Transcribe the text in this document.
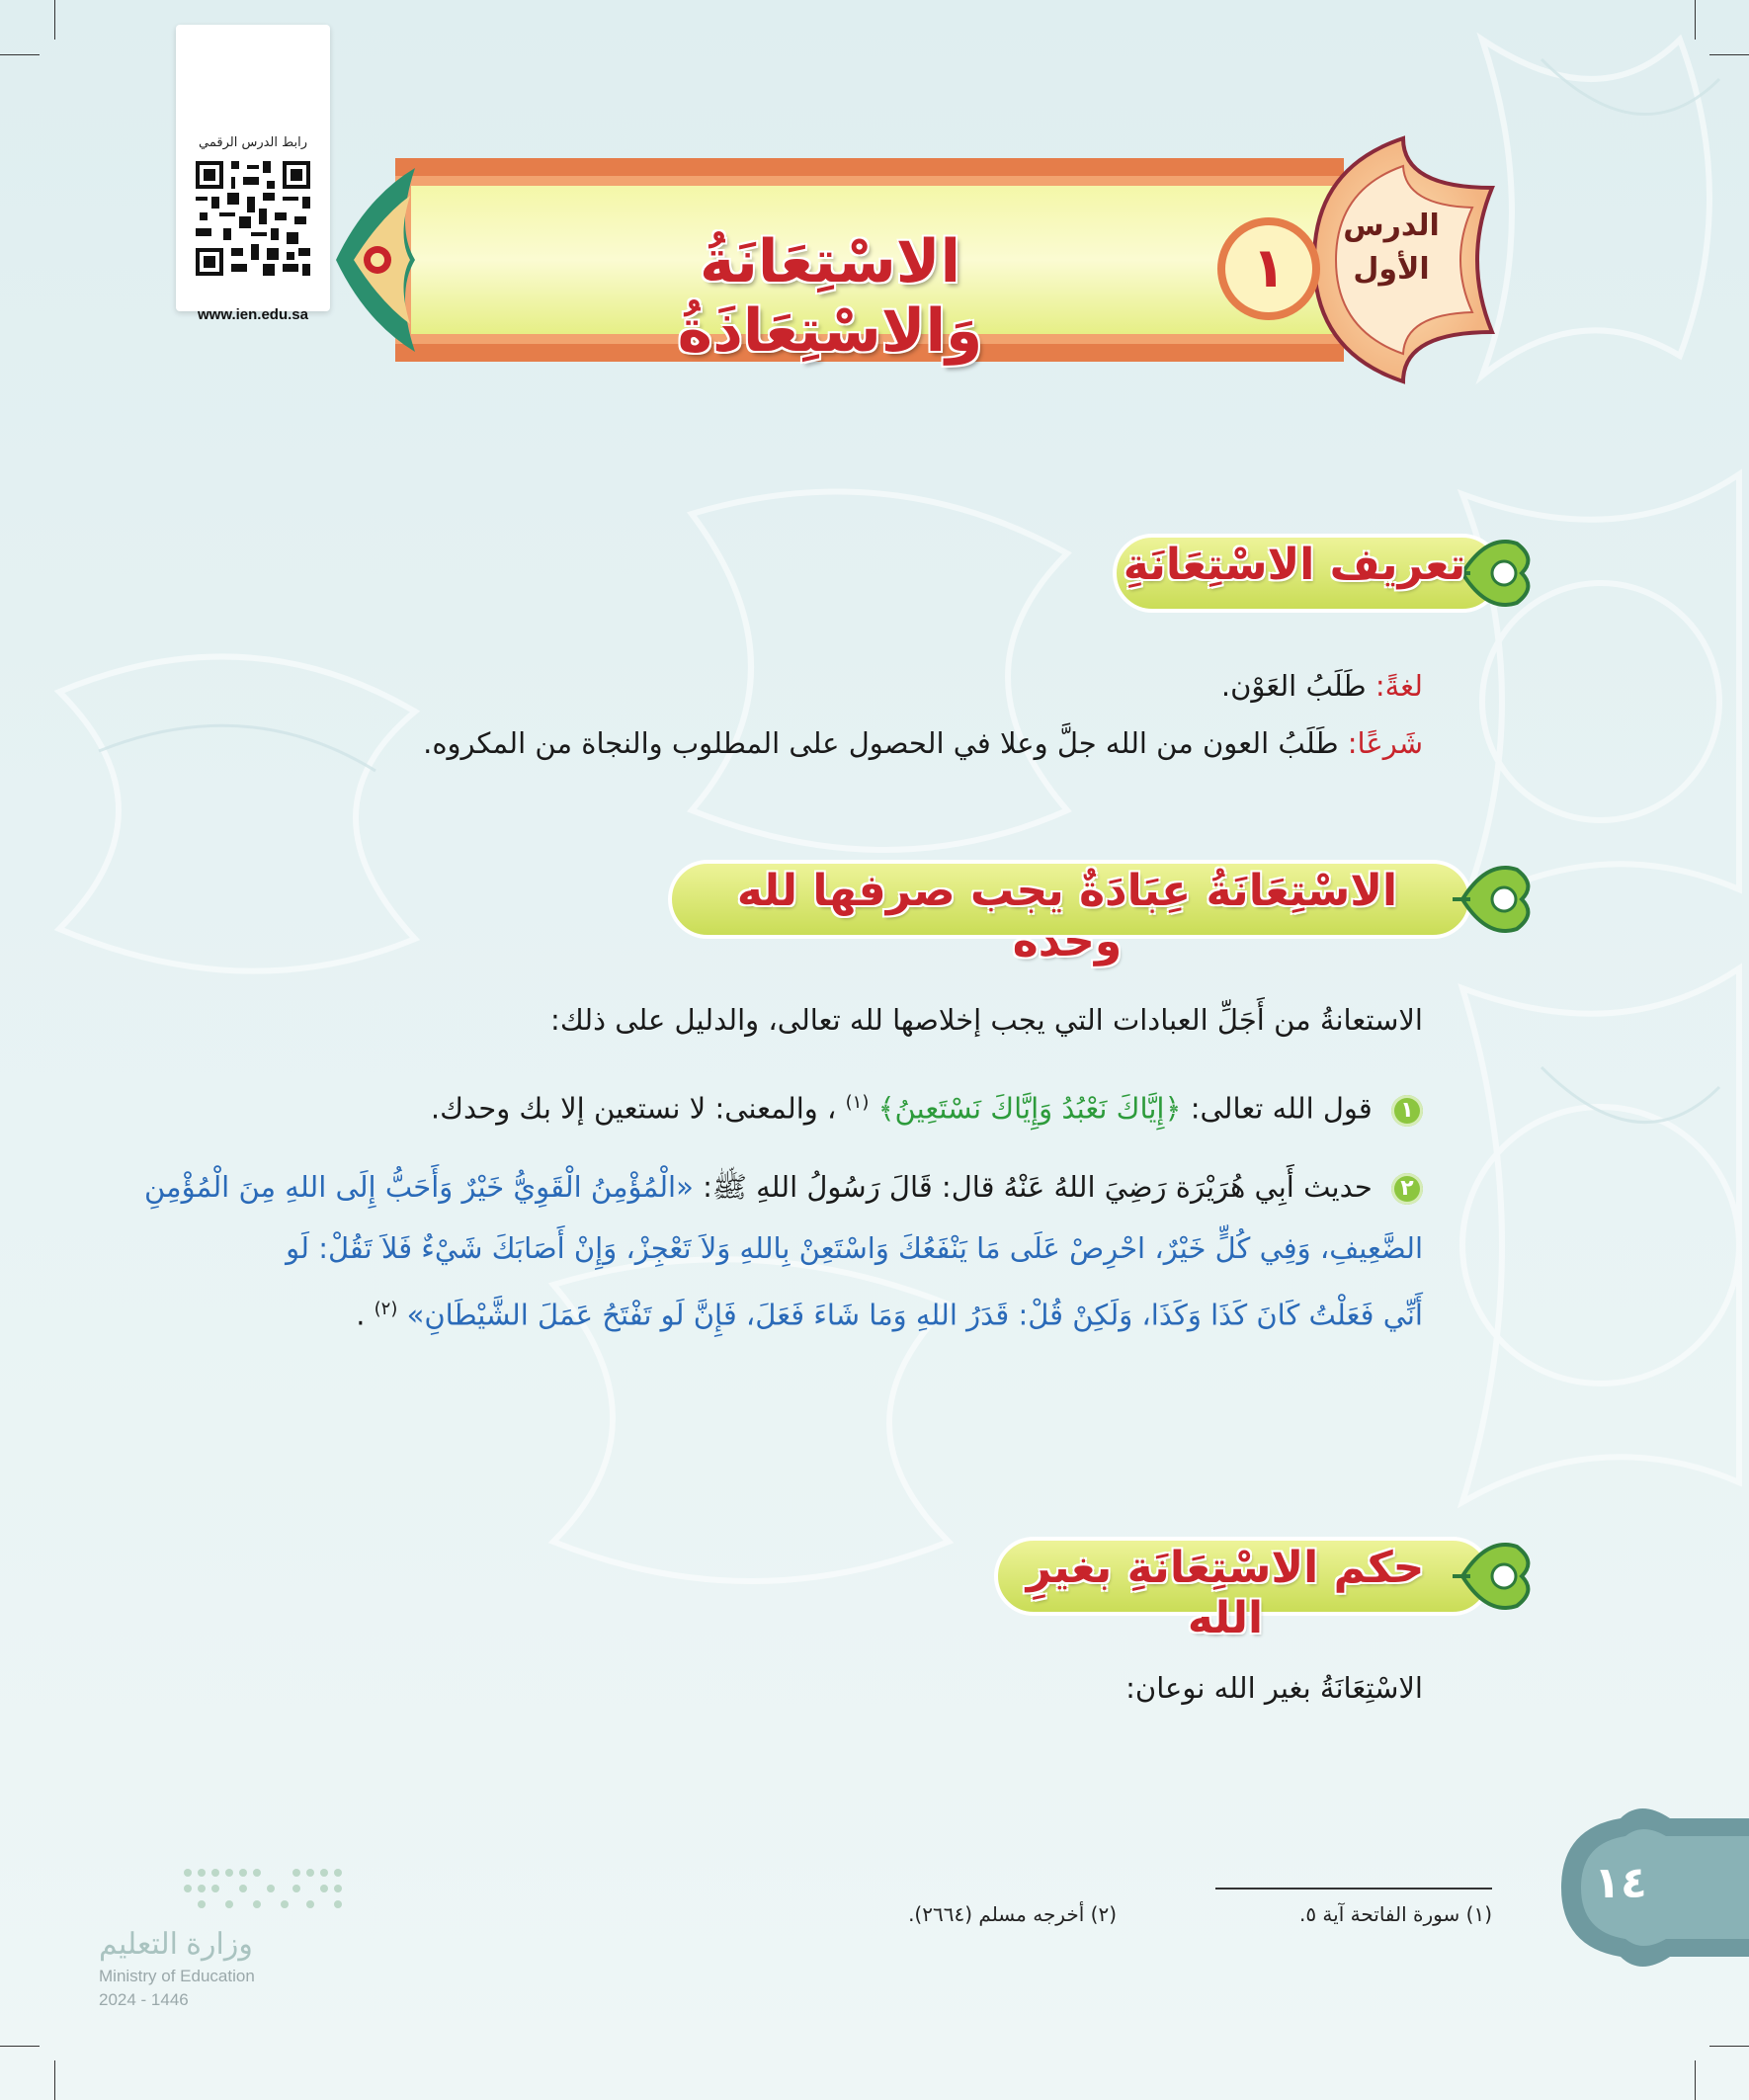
رابط الدرس الرقمي
www.ien.edu.sa
الاسْتِعَانَةُ وَالاسْتِعَاذَةُ
١
الدرس
الأول
تعريف الاسْتِعَانَةِ
لغةً: طَلَبُ العَوْن.
شَرعًا: طَلَبُ العون من الله جلَّ وعلا في الحصول على المطلوب والنجاة من المكروه.
الاسْتِعَانَةُ عِبَادَةٌ يجب صرفها لله وحده
الاستعانةُ من أَجَلِّ العبادات التي يجب إخلاصها لله تعالى، والدليل على ذلك:
١ قول الله تعالى: ﴿إِيَّاكَ نَعْبُدُ وَإِيَّاكَ نَسْتَعِينُ﴾ $^{(١)}$ ، والمعنى: لا نستعين إلا بك وحدك.
٢ حديث أَبِي هُرَيْرَة رَضِيَ اللهُ عَنْهُ قال: قَالَ رَسُولُ اللهِ ﷺ: «الْمُؤْمِنُ الْقَوِيُّ خَيْرٌ وَأَحَبُّ إِلَى اللهِ مِنَ الْمُؤْمِنِ
الضَّعِيفِ، وَفِي كُلٍّ خَيْرٌ، احْرِصْ عَلَى مَا يَنْفَعُكَ وَاسْتَعِنْ بِاللهِ وَلاَ تَعْجِزْ، وَإِنْ أَصَابَكَ شَيْءٌ فَلاَ تَقُلْ: لَو
أَنِّي فَعَلْتُ كَانَ كَذَا وَكَذَا، وَلَكِنْ قُلْ: قَدَرُ اللهِ وَمَا شَاءَ فَعَلَ، فَإِنَّ لَو تَفْتَحُ عَمَلَ الشَّيْطَانِ» $^{(٢)}$ .
حكم الاسْتِعَانَةِ بغيرِ الله
الاسْتِعَانَةُ بغير الله نوعان:
(١) سورة الفاتحة آية ٥.
(٢) أخرجه مسلم (٢٦٦٤).
١٤
وزارة التعليم
Ministry of Education
2024 - 1446
